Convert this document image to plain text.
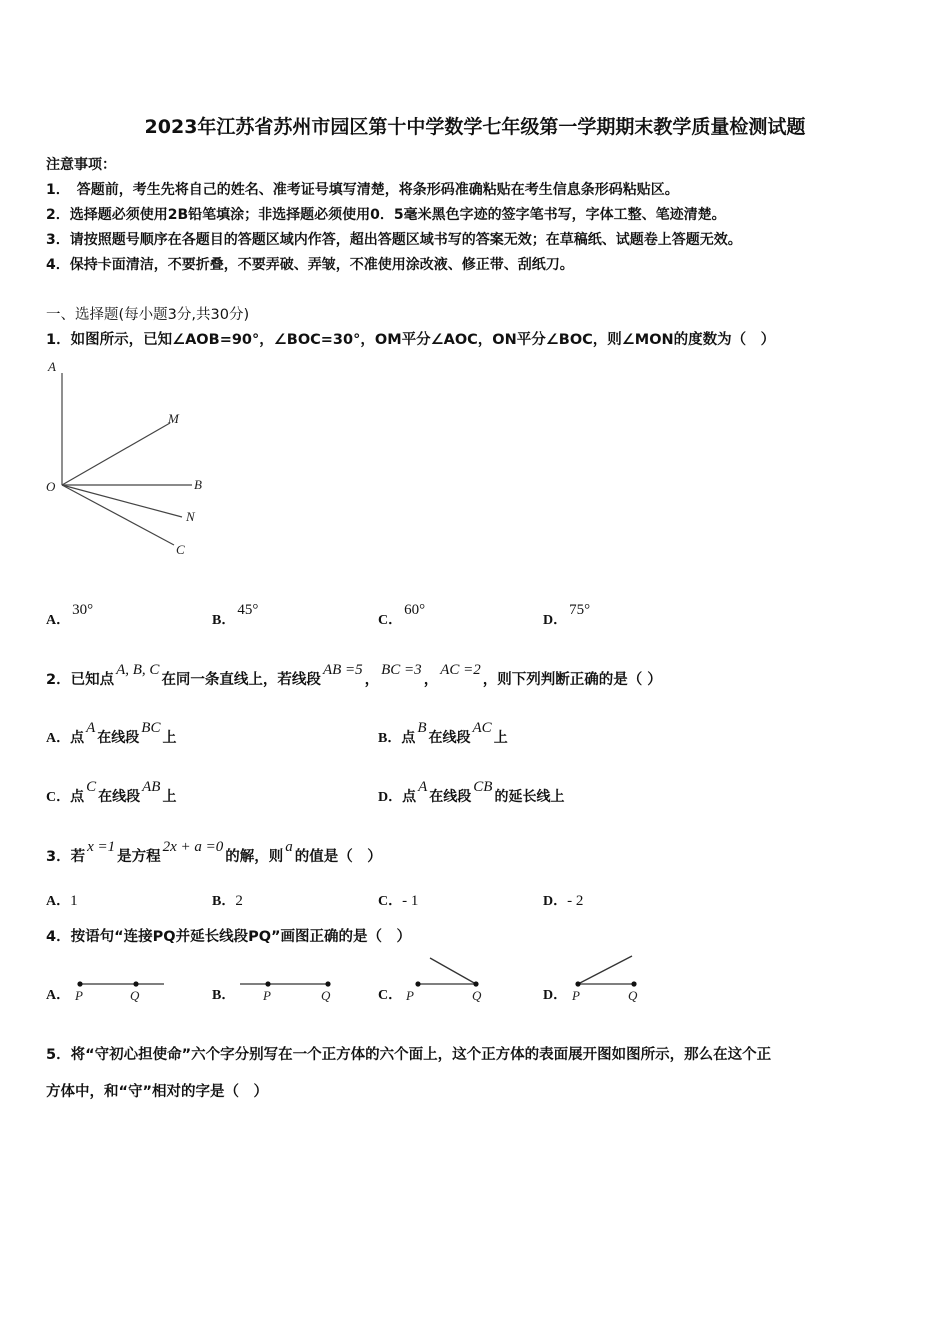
2023年江苏省苏州市园区第十中学数学七年级第一学期期末教学质量检测试题
注意事项：
1．　答题前，考生先将自己的姓名、准考证号填写清楚，将条形码准确粘贴在考生信息条形码粘贴区。
2．选择题必须使用2B铅笔填涂；非选择题必须使用0．5毫米黑色字迹的签字笔书写，字体工整、笔迹清楚。
3．请按照题号顺序在各题目的答题区域内作答，超出答题区域书写的答案无效；在草稿纸、试题卷上答题无效。
4．保持卡面清洁，不要折叠，不要弄破、弄皱，不准使用涂改液、修正带、刮纸刀。
一、选择题(每小题3分,共30分)
1．如图所示，已知∠AOB=90°，∠BOC=30°，OM平分∠AOC，ON平分∠BOC，则∠MON的度数为（　）
A
M
O	B
N
C
A．30°
B．45°
C．60°
D．75°
2．已知点A, B, C在同一条直线上，若线段AB =5，BC =3，AC =2，则下列判断正确的是（ ）
A．点A在线段BC上	B．点B在线段AC上
C．点C在线段AB上	D．点A在线段CB的延长线上
3．若x =1是方程2x + a =0的解，则a的值是（　）
A．1	B．2	C．- 1	D．- 2
4．按语句“连接PQ并延长线段PQ”画图正确的是（　）
A． P	Q	B． P	Q	C． P	Q	D． P	Q
5．将“守初心担使命”六个字分别写在一个正方体的六个面上，这个正方体的表面展开图如图所示，那么在这个正
方体中，和“守”相对的字是（　）
